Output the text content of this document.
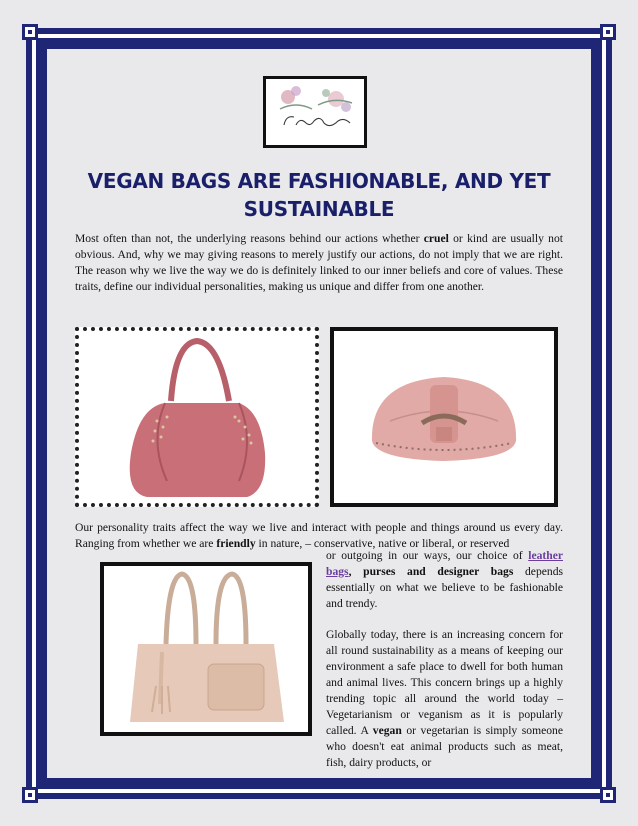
VEGAN BAGS ARE FASHIONABLE, AND YET SUSTAINABLE

Most often than not, the underlying reasons behind our actions whether cruel or kind are usually not obvious. And, why we may giving reasons to merely justify our actions, do not imply that we are right. The reason why we live the way we do is definitely linked to our inner beliefs and core of values. These traits, define our individual personalities, making us unique and differ from one another.

Our personality traits affect the way we live and interact with people and things around us every day. Ranging from whether we are friendly in nature, – conservative, native or liberal, or reserved

or outgoing in our ways, our choice of leather bags, purses and designer bags depends essentially on what we believe to be fashionable and trendy.

Globally today, there is an increasing concern for all round sustainability as a means of keeping our environment a safe place to dwell for both human and animal lives. This concern brings up a highly trending topic all around the world today – Vegetarianism or veganism as it is popularly called. A vegan or vegetarian is simply someone who doesn't eat animal products such as meat, fish, dairy products, or
